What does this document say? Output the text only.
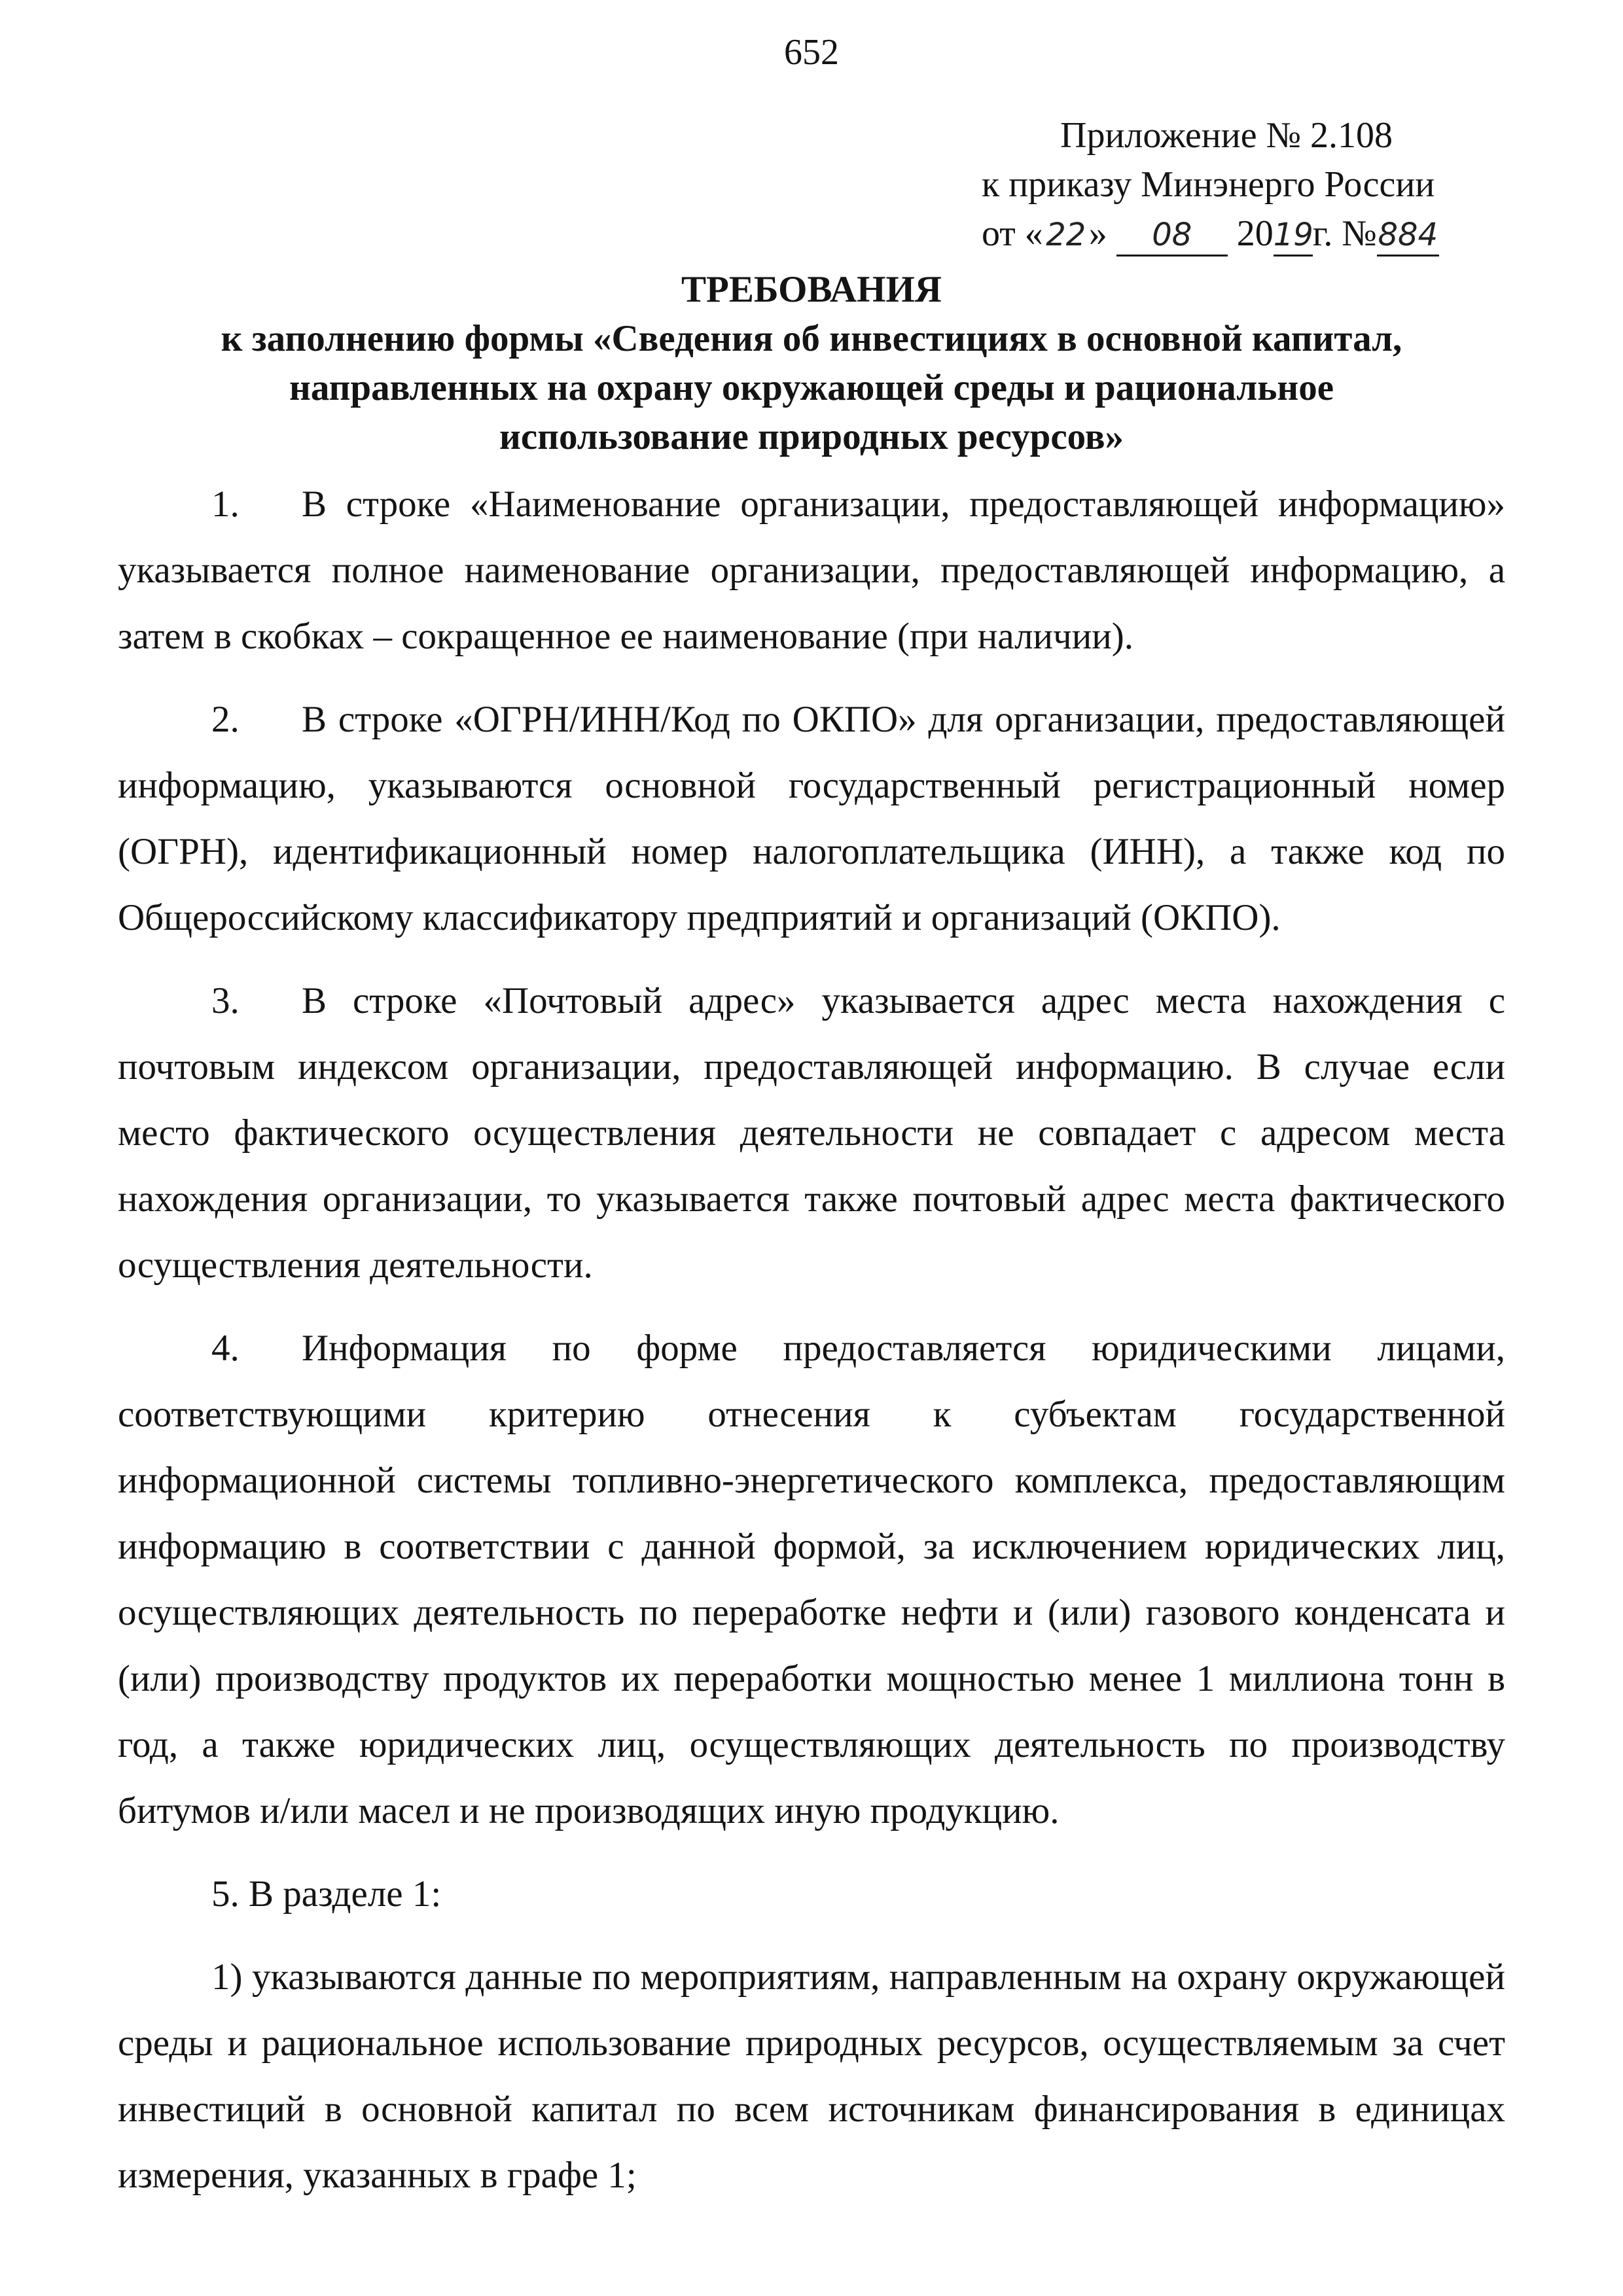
652
Приложение № 2.108
к приказу Минэнерго России
от «22» 08 2019г. №884
ТРЕБОВАНИЯ
к заполнению формы «Сведения об инвестициях в основной капитал,
направленных на охрану окружающей среды и рациональное
использование природных ресурсов»

1. В строке «Наименование организации, предоставляющей информацию» указывается полное наименование организации, предоставляющей информацию, а затем в скобках – сокращенное ее наименование (при наличии).

2. В строке «ОГРН/ИНН/Код по ОКПО» для организации, предоставляющей информацию, указываются основной государственный регистрационный номер (ОГРН), идентификационный номер налогоплательщика (ИНН), а также код по Общероссийскому классификатору предприятий и организаций (ОКПО).

3. В строке «Почтовый адрес» указывается адрес места нахождения с почтовым индексом организации, предоставляющей информацию. В случае если место фактического осуществления деятельности не совпадает с адресом места нахождения организации, то указывается также почтовый адрес места фактического осуществления деятельности.

4. Информация по форме предоставляется юридическими лицами, соответствующими критерию отнесения к субъектам государственной информационной системы топливно-энергетического комплекса, предоставляющим информацию в соответствии с данной формой, за исключением юридических лиц, осуществляющих деятельность по переработке нефти и (или) газового конденсата и (или) производству продуктов их переработки мощностью менее 1 миллиона тонн в год, а также юридических лиц, осуществляющих деятельность по производству битумов и/или масел и не производящих иную продукцию.

5. В разделе 1:

1) указываются данные по мероприятиям, направленным на охрану окружающей среды и рациональное использование природных ресурсов, осуществляемым за счет инвестиций в основной капитал по всем источникам финансирования в единицах измерения, указанных в графе 1;
